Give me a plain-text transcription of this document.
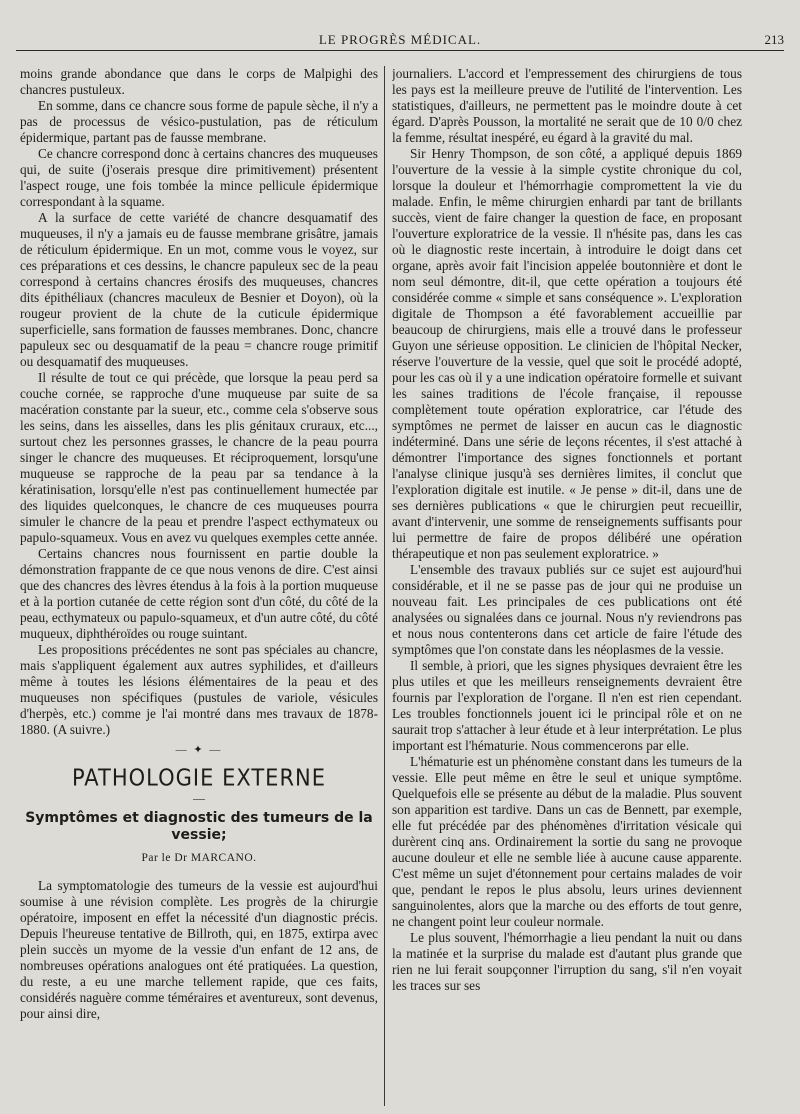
LE PROGRÈS MÉDICAL.	213

moins grande abondance que dans le corps de Malpighi des chancres pustuleux.

En somme, dans ce chancre sous forme de papule sèche, il n'y a pas de processus de vésico-pustulation, pas de réticulum épidermique, partant pas de fausse membrane.

Ce chancre correspond donc à certains chancres des muqueuses qui, de suite (j'oserais presque dire primitivement) présentent l'aspect rouge, une fois tombée la mince pellicule épidermique correspondant à la squame.

A la surface de cette variété de chancre desquamatif des muqueuses, il n'y a jamais eu de fausse membrane grisâtre, jamais de réticulum épidermique. En un mot, comme vous le voyez, sur ces préparations et ces dessins, le chancre papuleux sec de la peau correspond à certains chancres érosifs des muqueuses, chancres dits épithéliaux (chancres maculeux de Besnier et Doyon), où la rougeur provient de la chute de la cuticule épidermique superficielle, sans formation de fausses membranes. Donc, chancre papuleux sec ou desquamatif de la peau = chancre rouge primitif ou desquamatif des muqueuses.

Il résulte de tout ce qui précède, que lorsque la peau perd sa couche cornée, se rapproche d'une muqueuse par suite de sa macération constante par la sueur, etc., comme cela s'observe sous les seins, dans les aisselles, dans les plis génitaux cruraux, etc..., surtout chez les personnes grasses, le chancre de la peau pourra singer le chancre des muqueuses. Et réciproquement, lorsqu'une muqueuse se rapproche de la peau par sa tendance à la kératinisation, lorsqu'elle n'est pas continuellement humectée par des liquides quelconques, le chancre de ces muqueuses pourra simuler le chancre de la peau et prendre l'aspect ecthymateux ou papulo-squameux. Vous en avez vu quelques exemples cette année.

Certains chancres nous fournissent en partie double la démonstration frappante de ce que nous venons de dire. C'est ainsi que des chancres des lèvres étendus à la fois à la portion muqueuse et à la portion cutanée de cette région sont d'un côté, du côté de la peau, ecthymateux ou papulo-squameux, et d'un autre côté, du côté muqueux, diphthéroïdes ou rouge suintant.

Les propositions précédentes ne sont pas spéciales au chancre, mais s'appliquent également aux autres syphilides, et d'ailleurs même à toutes les lésions élémentaires de la peau et des muqueuses non spécifiques (pustules de variole, vésicules d'herpès, etc.) comme je l'ai montré dans mes travaux de 1878-1880. (A suivre.)

— ✦ —
PATHOLOGIE EXTERNE
—
Symptômes et diagnostic des tumeurs de la vessie;
Par le Dr MARCANO.

La symptomatologie des tumeurs de la vessie est aujourd'hui soumise à une révision complète. Les progrès de la chirurgie opératoire, imposent en effet la nécessité d'un diagnostic précis. Depuis l'heureuse tentative de Billroth, qui, en 1875, extirpa avec plein succès un myome de la vessie d'un enfant de 12 ans, de nombreuses opérations analogues ont été pratiquées. La question, du reste, a eu une marche tellement rapide, que ces faits, considérés naguère comme téméraires et aventureux, sont devenus, pour ainsi dire,

journaliers. L'accord et l'empressement des chirurgiens de tous les pays est la meilleure preuve de l'utilité de l'intervention. Les statistiques, d'ailleurs, ne permettent pas le moindre doute à cet égard. D'après Pousson, la mortalité ne serait que de 10 0/0 chez la femme, résultat inespéré, eu égard à la gravité du mal.

Sir Henry Thompson, de son côté, a appliqué depuis 1869 l'ouverture de la vessie à la simple cystite chronique du col, lorsque la douleur et l'hémorrhagie compromettent la vie du malade. Enfin, le même chirurgien enhardi par tant de brillants succès, vient de faire changer la question de face, en proposant l'ouverture exploratrice de la vessie. Il n'hésite pas, dans les cas où le diagnostic reste incertain, à introduire le doigt dans cet organe, après avoir fait l'incision appelée boutonnière et dont le nom seul démontre, dit-il, que cette opération a toujours été considérée comme « simple et sans conséquence ». L'exploration digitale de Thompson a été favorablement accueillie par beaucoup de chirurgiens, mais elle a trouvé dans le professeur Guyon une sérieuse opposition. Le clinicien de l'hôpital Necker, réserve l'ouverture de la vessie, quel que soit le procédé adopté, pour les cas où il y a une indication opératoire formelle et suivant les saines traditions de l'école française, il repousse complètement toute opération exploratrice, car l'étude des symptômes ne permet de laisser en aucun cas le diagnostic indéterminé. Dans une série de leçons récentes, il s'est attaché à démontrer l'importance des signes fonctionnels et portant l'analyse clinique jusqu'à ses dernières limites, il conclut que l'exploration digitale est inutile. « Je pense » dit-il, dans une de ses dernières publications « que le chirurgien peut recueillir, avant d'intervenir, une somme de renseignements suffisants pour lui permettre de faire de propos délibéré une opération thérapeutique et non pas seulement exploratrice. »

L'ensemble des travaux publiés sur ce sujet est aujourd'hui considérable, et il ne se passe pas de jour qui ne produise un nouveau fait. Les principales de ces publications ont été analysées ou signalées dans ce journal. Nous n'y reviendrons pas et nous nous contenterons dans cet article de faire l'étude des symptômes que l'on constate dans les néoplasmes de la vessie.

Il semble, à priori, que les signes physiques devraient être les plus utiles et que les meilleurs renseignements devraient être fournis par l'exploration de l'organe. Il n'en est rien cependant. Les troubles fonctionnels jouent ici le principal rôle et on ne saurait trop s'attacher à leur étude et à leur interprétation. Le plus important est l'hématurie. Nous commencerons par elle.

L'hématurie est un phénomène constant dans les tumeurs de la vessie. Elle peut même en être le seul et unique symptôme. Quelquefois elle se présente au début de la maladie. Plus souvent son apparition est tardive. Dans un cas de Bennett, par exemple, elle fut précédée par des phénomènes d'irritation vésicale qui durèrent cinq ans. Ordinairement la sortie du sang ne provoque aucune douleur et elle ne semble liée à aucune cause apparente. C'est même un sujet d'étonnement pour certains malades de voir que, pendant le repos le plus absolu, leurs urines deviennent sanguinolentes, alors que la marche ou des efforts de tout genre, ne changent point leur couleur normale.

Le plus souvent, l'hémorrhagie a lieu pendant la nuit ou dans la matinée et la surprise du malade est d'autant plus grande que rien ne lui ferait soupçonner l'irruption du sang, s'il n'en voyait les traces sur ses
